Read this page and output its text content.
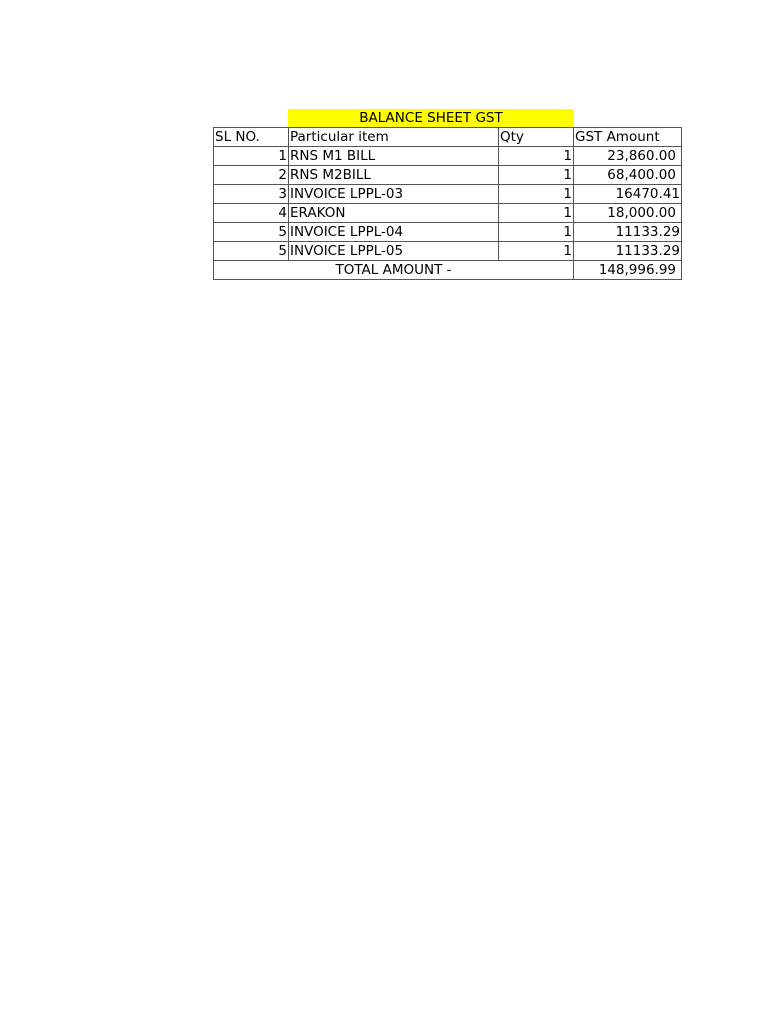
BALANCE SHEET GST
SL NO.	Particular item	Qty	GST Amount
1	RNS M1 BILL	1	23,860.00
2	RNS M2BILL	1	68,400.00
3	INVOICE LPPL-03	1	16470.41
4	ERAKON	1	18,000.00
5	INVOICE LPPL-04	1	11133.29
5	INVOICE LPPL-05	1	11133.29
TOTAL AMOUNT -			148,996.99
